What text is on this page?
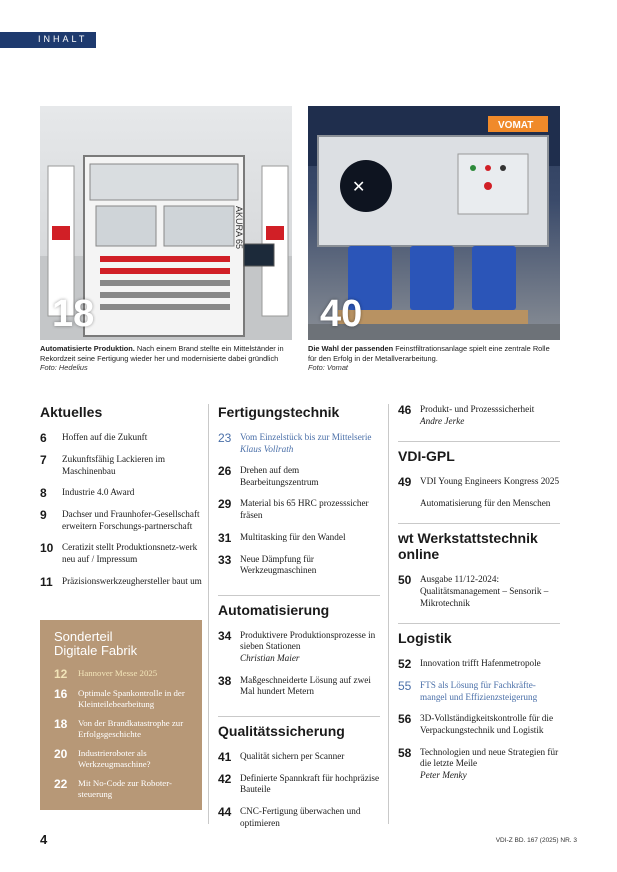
INHALT
AKURA 65
18
VOMAT
✕
40
Automatisierte Produktion. Nach einem Brand stellte ein Mittelständer in Rekordzeit seine Fertigung wieder her und modernisierte dabei gründlich
Foto: Hedelius
Die Wahl der passenden Feinstfiltrationsanlage spielt eine zentrale Rolle für den Erfolg in der Metallverarbeitung.
Foto: Vomat
Aktuelles
6	Hoffen auf die Zukunft
7	Zukunftsfähig Lackieren im Maschinenbau
8	Industrie 4.0 Award
9	Dachser und Fraunhofer-Gesellschaft erweitern Forschungs-partnerschaft
10 Ceratizit stellt Produktionsnetz-werk neu auf / Impressum
11	Präzisionswerkzeughersteller baut um
Sonderteil
Digitale Fabrik
12	Hannover Messe 2025
16	Optimale Spankontrolle in der Kleinteilebearbeitung
18	Von der Brandkatastrophe zur Erfolgsgeschichte
20	Industrieroboter als Werkzeugmaschine?
22	Mit No-Code zur Roboter-steuerung
Fertigungstechnik
23 Vom Einzelstück bis zur Mittelserie
Klaus Vollrath
26 Drehen auf dem Bearbeitungszentrum
29 Material bis 65 HRC prozesssicher fräsen
31 Multitasking für den Wandel
33 Neue Dämpfung für Werkzeugmaschinen
Automatisierung
34 Produktivere Produktionsprozesse in sieben Stationen
Christian Maier
38 Maßgeschneiderte Lösung auf zwei Mal hundert Metern
Qualitätssicherung
41 Qualität sichern per Scanner
42 Definierte Spannkraft für hochpräzise Bauteile
44 CNC-Fertigung überwachen und optimieren
46 Produkt- und Prozesssicherheit
Andre Jerke
VDI-GPL
49 VDI Young Engineers Kongress 2025
Automatisierung für den Menschen
wt Werkstattstechnik online
50 Ausgabe 11/12-2024: Qualitätsmanagement – Sensorik – Mikrotechnik
Logistik
52 Innovation trifft Hafenmetropole
55 FTS als Lösung für Fachkräfte-mangel und Effizienzsteigerung
56 3D-Vollständigkeitskontrolle für die Verpackungstechnik und Logistik
58 Technologien und neue Strategien für die letzte Meile
Peter Menky
4	VDI-Z BD. 167 (2025) NR. 3
